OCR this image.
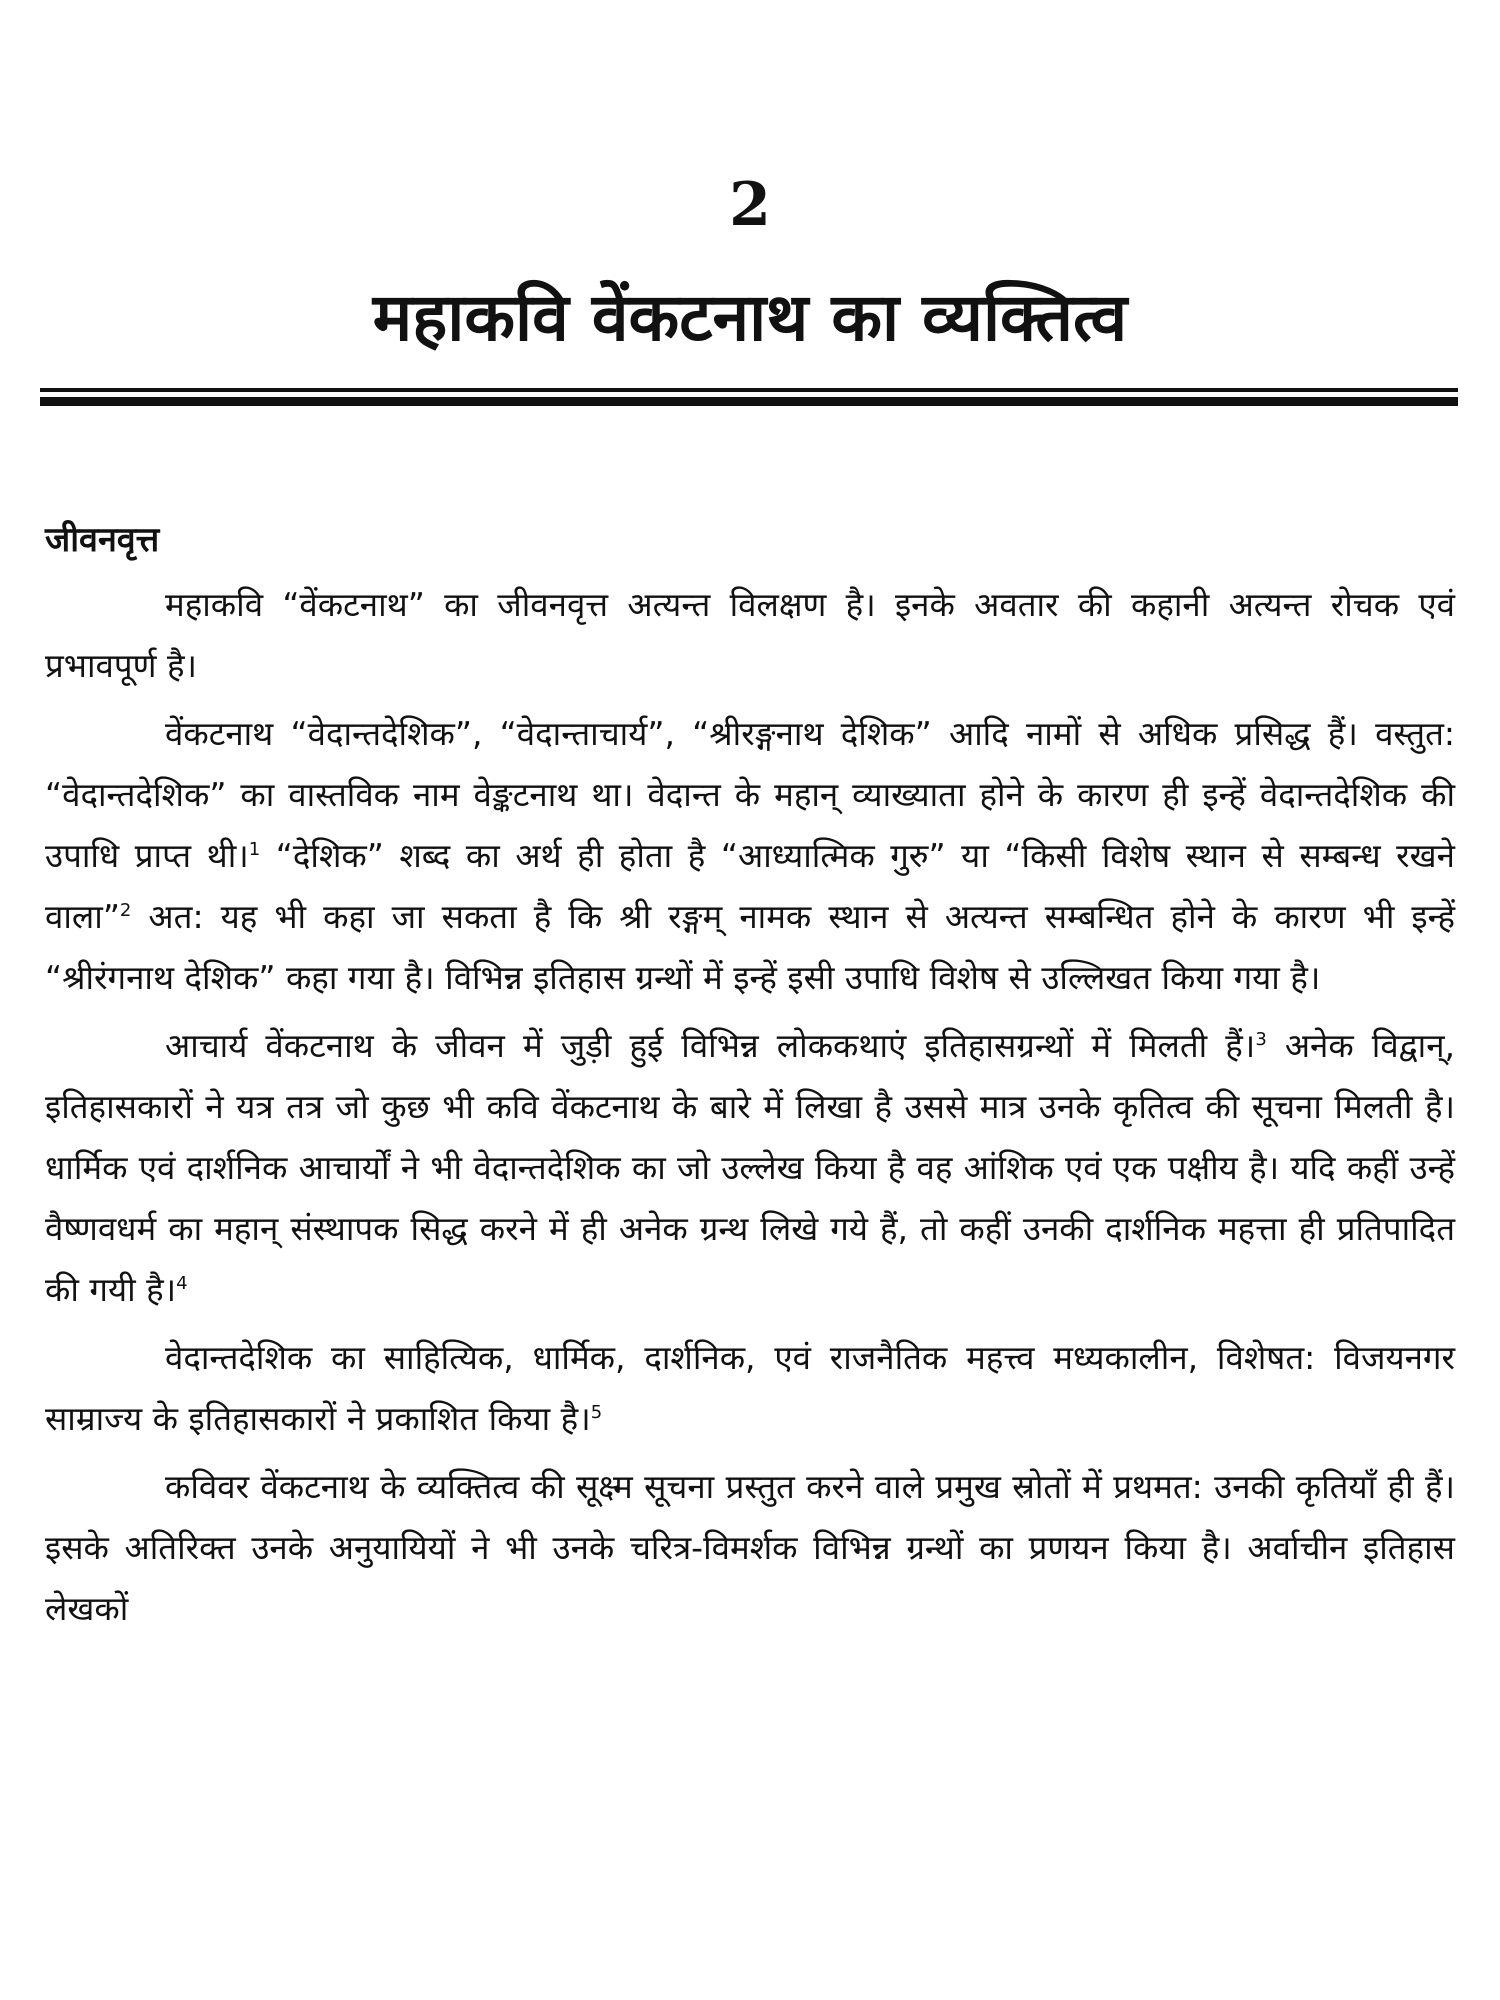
2
महाकवि वेंकटनाथ का व्यक्तित्व
जीवनवृत्त

महाकवि “वेंकटनाथ” का जीवनवृत्त अत्यन्त विलक्षण है। इनके अवतार की कहानी अत्यन्त रोचक एवं प्रभावपूर्ण है।

वेंकटनाथ “वेदान्तदेशिक”, “वेदान्ताचार्य”, “श्रीरङ्गनाथ देशिक” आदि नामों से अधिक प्रसिद्ध हैं। वस्तुत: “वेदान्तदेशिक” का वास्तविक नाम वेङ्कटनाथ था। वेदान्त के महान् व्याख्याता होने के कारण ही इन्हें वेदान्तदेशिक की उपाधि प्राप्त थी।$^1$ “देशिक” शब्द का अर्थ ही होता है “आध्यात्मिक गुरु” या “किसी विशेष स्थान से सम्बन्ध रखने वाला”$^2$ अत: यह भी कहा जा सकता है कि श्री रङ्गम् नामक स्थान से अत्यन्त सम्बन्धित होने के कारण भी इन्हें “श्रीरंगनाथ देशिक” कहा गया है। विभिन्न इतिहास ग्रन्थों में इन्हें इसी उपाधि विशेष से उल्लिखत किया गया है।

आचार्य वेंकटनाथ के जीवन में जुड़ी हुई विभिन्न लोककथाएं इतिहासग्रन्थों में मिलती हैं।$^3$ अनेक विद्वान्, इतिहासकारों ने यत्र तत्र जो कुछ भी कवि वेंकटनाथ के बारे में लिखा है उससे मात्र उनके कृतित्व की सूचना मिलती है। धार्मिक एवं दार्शनिक आचार्यों ने भी वेदान्तदेशिक का जो उल्लेख किया है वह आंशिक एवं एक पक्षीय है। यदि कहीं उन्हें वैष्णवधर्म का महान् संस्थापक सिद्ध करने में ही अनेक ग्रन्थ लिखे गये हैं, तो कहीं उनकी दार्शनिक महत्ता ही प्रतिपादित की गयी है।$^4$

वेदान्तदेशिक का साहित्यिक, धार्मिक, दार्शनिक, एवं राजनैतिक महत्त्व मध्यकालीन, विशेषत: विजयनगर साम्राज्य के इतिहासकारों ने प्रकाशित किया है।$^5$

कविवर वेंकटनाथ के व्यक्तित्व की सूक्ष्म सूचना प्रस्तुत करने वाले प्रमुख स्रोतों में प्रथमत: उनकी कृतियाँ ही हैं। इसके अतिरिक्त उनके अनुयायियों ने भी उनके चरित्र-विमर्शक विभिन्न ग्रन्थों का प्रणयन किया है। अर्वाचीन इतिहास लेखकों
